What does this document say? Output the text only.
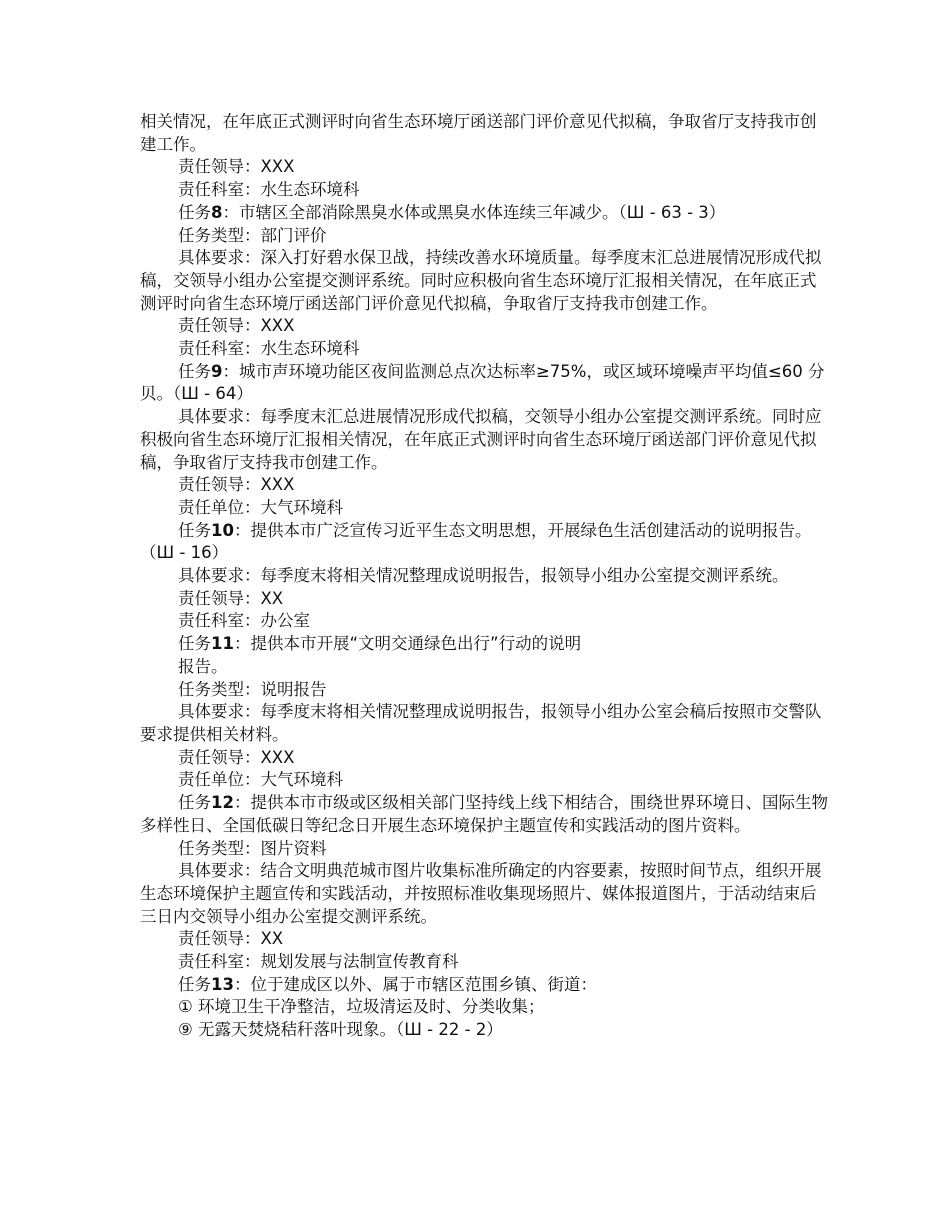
相关情况，在年底正式测评时向省生态环境厅函送部门评价意见代拟稿，争取省厅支持我市创建工作。

责任领导：XXX

责任科室：水生态环境科

任务8：市辖区全部消除黑臭水体或黑臭水体连续三年减少。（Ш - 63 - 3）

任务类型：部门评价

具体要求：深入打好碧水保卫战，持续改善水环境质量。每季度末汇总进展情况形成代拟稿，交领导小组办公室提交测评系统。同时应积极向省生态环境厅汇报相关情况，在年底正式测评时向省生态环境厅函送部门评价意见代拟稿，争取省厅支持我市创建工作。

责任领导：XXX

责任科室：水生态环境科

任务9：城市声环境功能区夜间监测总点次达标率≥75%，或区域环境噪声平均值≤60 分贝。（Ш - 64）

具体要求：每季度末汇总进展情况形成代拟稿，交领导小组办公室提交测评系统。同时应积极向省生态环境厅汇报相关情况，在年底正式测评时向省生态环境厅函送部门评价意见代拟稿，争取省厅支持我市创建工作。

责任领导：XXX

责任单位：大气环境科

任务10：提供本市广泛宣传习近平生态文明思想，开展绿色生活创建活动的说明报告。（Ш - 16）

具体要求：每季度末将相关情况整理成说明报告，报领导小组办公室提交测评系统。

责任领导：XX

责任科室：办公室

任务11：提供本市开展“文明交通绿色出行”行动的说明

报告。

任务类型：说明报告

具体要求：每季度末将相关情况整理成说明报告，报领导小组办公室会稿后按照市交警队要求提供相关材料。

责任领导：XXX

责任单位：大气环境科

任务12：提供本市市级或区级相关部门坚持线上线下相结合，围绕世界环境日、国际生物多样性日、全国低碳日等纪念日开展生态环境保护主题宣传和实践活动的图片资料。

任务类型：图片资料

具体要求：结合文明典范城市图片收集标准所确定的内容要素，按照时间节点，组织开展生态环境保护主题宣传和实践活动，并按照标准收集现场照片、媒体报道图片，于活动结束后三日内交领导小组办公室提交测评系统。

责任领导：XX

责任科室：规划发展与法制宣传教育科

任务13：位于建成区以外、属于市辖区范围乡镇、街道：

① 环境卫生干净整洁，垃圾清运及时、分类收集；

⑨ 无露天焚烧秸秆落叶现象。（Ш - 22 - 2）
